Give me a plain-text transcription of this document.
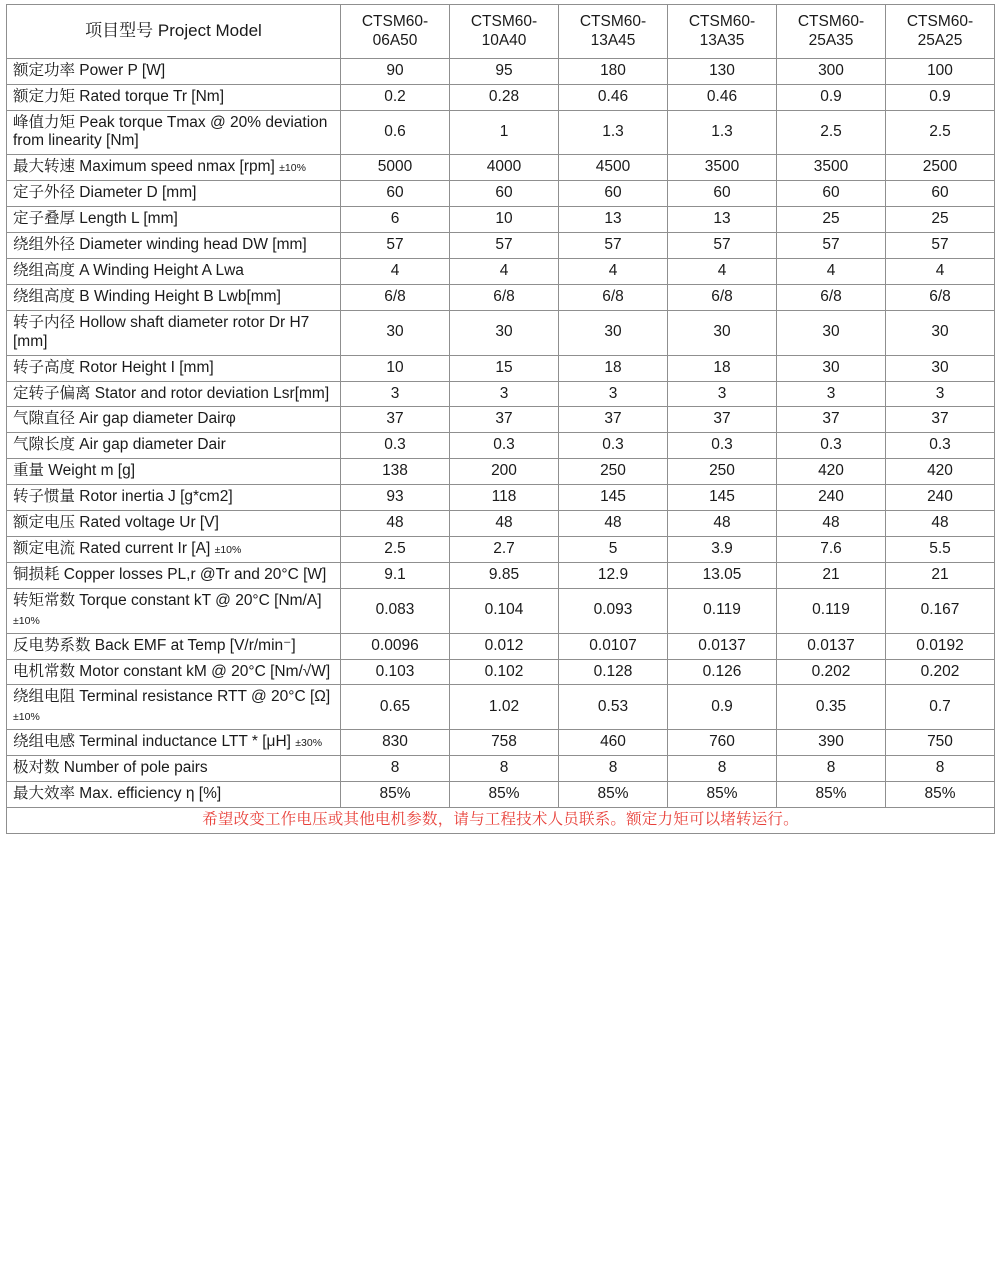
项目型号 Project Model	CTSM60-06A50	CTSM60-10A40	CTSM60-13A45	CTSM60-13A35	CTSM60-25A35	CTSM60-25A25
额定功率 Power P [W]	90	95	180	130	300	100
额定力矩 Rated torque Tr [Nm]	0.2	0.28	0.46	0.46	0.9	0.9
峰值力矩 Peak torque Tmax @ 20% deviation from linearity [Nm]	0.6	1	1.3	1.3	2.5	2.5
最大转速 Maximum speed nmax [rpm] ±10%	5000	4000	4500	3500	3500	2500
定子外径 Diameter D [mm]	60	60	60	60	60	60
定子叠厚 Length L [mm]	6	10	13	13	25	25
绕组外径 Diameter winding head DW [mm]	57	57	57	57	57	57
绕组高度 A Winding Height A Lwa	4	4	4	4	4	4
绕组高度 B Winding Height B Lwb[mm]	6/8	6/8	6/8	6/8	6/8	6/8
转子内径 Hollow shaft diameter rotor Dr H7 [mm]	30	30	30	30	30	30
转子高度 Rotor Height I [mm]	10	15	18	18	30	30
定转子偏离 Stator and rotor deviation Lsr[mm]	3	3	3	3	3	3
气隙直径 Air gap diameter Dairφ	37	37	37	37	37	37
气隙长度 Air gap diameter Dair	0.3	0.3	0.3	0.3	0.3	0.3
重量 Weight m [g]	138	200	250	250	420	420
转子惯量 Rotor inertia J [g*cm2]	93	118	145	145	240	240
额定电压 Rated voltage Ur [V]	48	48	48	48	48	48
额定电流 Rated current Ir [A] ±10%	2.5	2.7	5	3.9	7.6	5.5
铜损耗 Copper losses PL,r @Tr and 20°C [W]	9.1	9.85	12.9	13.05	21	21
转矩常数 Torque constant kT @ 20°C [Nm/A] ±10%	0.083	0.104	0.093	0.119	0.119	0.167
反电势系数 Back EMF at Temp [V/r/min⁻]	0.0096	0.012	0.0107	0.0137	0.0137	0.0192
电机常数 Motor constant kM @ 20°C [Nm/√W]	0.103	0.102	0.128	0.126	0.202	0.202
绕组电阻 Terminal resistance RTT @ 20°C [Ω] ±10%	0.65	1.02	0.53	0.9	0.35	0.7
绕组电感 Terminal inductance LTT * [μH] ±30%	830	758	460	760	390	750
极对数 Number of pole pairs	8	8	8	8	8	8
最大效率 Max. efficiency η [%]	85%	85%	85%	85%	85%	85%
希望改变工作电压或其他电机参数，请与工程技术人员联系。额定力矩可以堵转运行。						
